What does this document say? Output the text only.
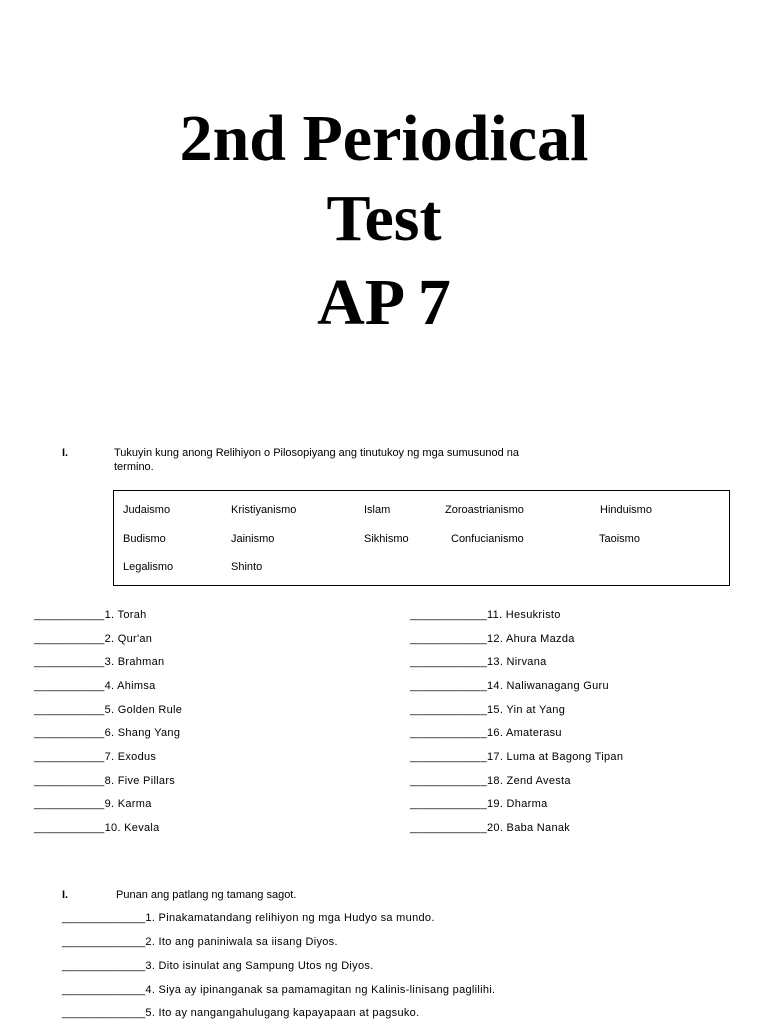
2nd Periodical
Test
AP 7
I.	Tukuyin kung anong Relihiyon o Pilosopiyang ang tinutukoy ng mga sumusunod na
termino.
Judaismo	Kristiyanismo	Islam	Zoroastrianismo	Hinduismo
Budismo	Jainismo	Sikhismo	Confucianismo	Taoismo
Legalismo	Shinto
___________1. Torah
___________2. Qur'an
___________3. Brahman
___________4. Ahimsa
___________5. Golden Rule
___________6. Shang Yang
___________7. Exodus
___________8. Five Pillars
___________9. Karma
___________10. Kevala
____________11. Hesukristo
____________12. Ahura Mazda
____________13. Nirvana
____________14. Naliwanagang Guru
____________15. Yin at Yang
____________16. Amaterasu
____________17. Luma at Bagong Tipan
____________18. Zend Avesta
____________19. Dharma
____________20. Baba Nanak
I.	Punan ang patlang ng tamang sagot.
_____________1. Pinakamatandang relihiyon ng mga Hudyo sa mundo.
_____________2. Ito ang paniniwala sa iisang Diyos.
_____________3. Dito isinulat ang Sampung Utos ng Diyos.
_____________4. Siya ay ipinanganak sa pamamagitan ng Kalinis-linisang paglilihi.
_____________5. Ito ay nangangahulugang kapayapaan at pagsuko.
